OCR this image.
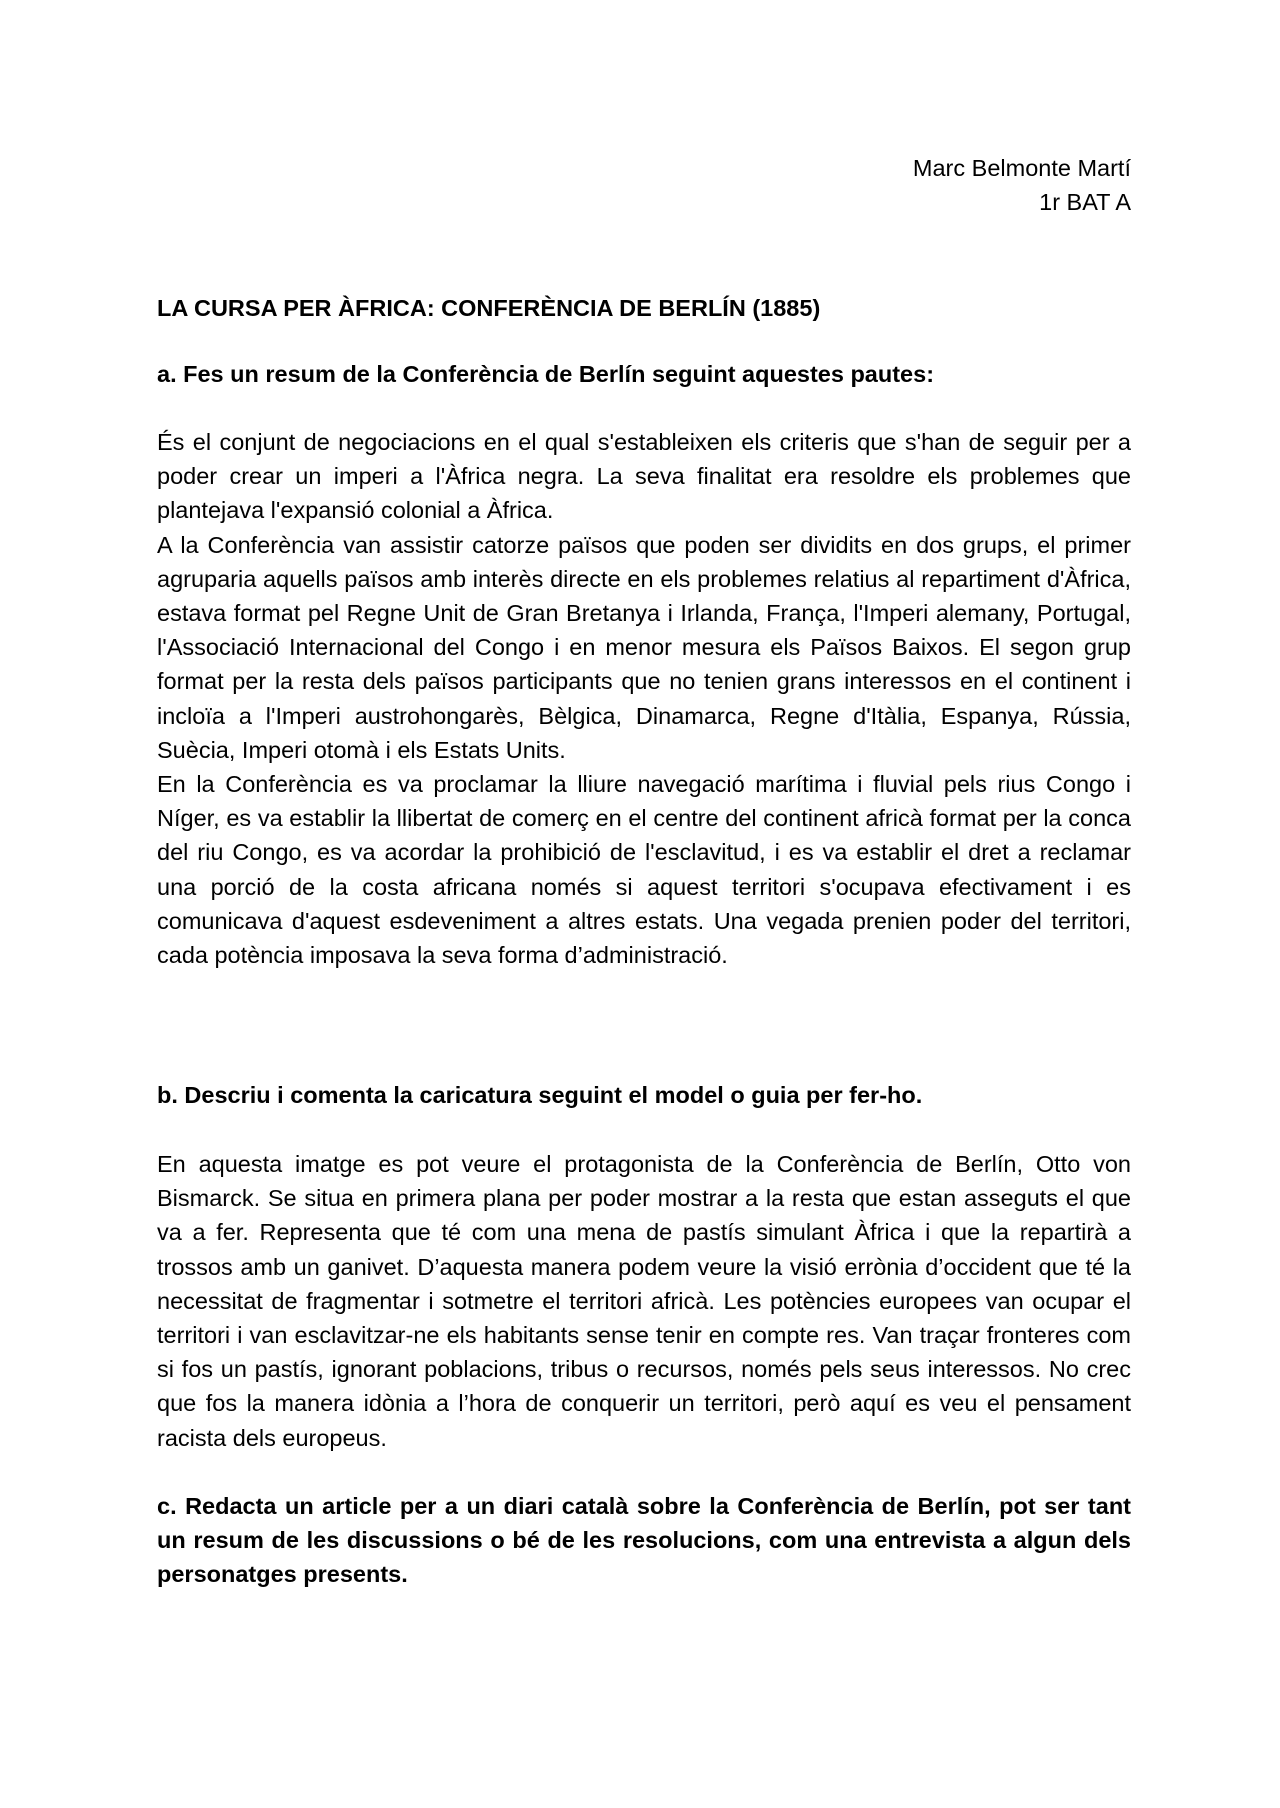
Marc Belmonte Martí
1r BAT A
LA CURSA PER ÀFRICA: CONFERÈNCIA DE BERLÍN (1885)
a. Fes un resum de la Conferència de Berlín seguint aquestes pautes:

És el conjunt de negociacions en el qual s'estableixen els criteris que s'han de seguir per a poder crear un imperi a l'Àfrica negra. La seva finalitat era resoldre els problemes que plantejava l'expansió colonial a Àfrica.

A la Conferència van assistir catorze països que poden ser dividits en dos grups, el primer agruparia aquells països amb interès directe en els problemes relatius al repartiment d'Àfrica, estava format pel Regne Unit de Gran Bretanya i Irlanda, França, l'Imperi alemany, Portugal, l'Associació Internacional del Congo i en menor mesura els Països Baixos. El segon grup format per la resta dels països participants que no tenien grans interessos en el continent i incloïa a l'Imperi austrohongarès, Bèlgica, Dinamarca, Regne d'Itàlia, Espanya, Rússia, Suècia, Imperi otomà i els Estats Units.

En la Conferència es va proclamar la lliure navegació marítima i fluvial pels rius Congo i Níger, es va establir la llibertat de comerç en el centre del continent africà format per la conca del riu Congo, es va acordar la prohibició de l'esclavitud, i es va establir el dret a reclamar una porció de la costa africana només si aquest territori s'ocupava efectivament i es comunicava d'aquest esdeveniment a altres estats. Una vegada prenien poder del territori, cada potència imposava la seva forma d’administració.

b. Descriu i comenta la caricatura seguint el model o guia per fer-ho.

En aquesta imatge es pot veure el protagonista de la Conferència de Berlín, Otto von Bismarck. Se situa en primera plana per poder mostrar a la resta que estan asseguts el que va a fer. Representa que té com una mena de pastís simulant Àfrica i que la repartirà a trossos amb un ganivet. D’aquesta manera podem veure la visió errònia d’occident que té la necessitat de fragmentar i sotmetre el territori africà. Les potències europees van ocupar el territori i van esclavitzar-ne els habitants sense tenir en compte res. Van traçar fronteres com si fos un pastís, ignorant poblacions, tribus o recursos, només pels seus interessos. No crec que fos la manera idònia a l’hora de conquerir un territori, però aquí es veu el pensament racista dels europeus.

c. Redacta un article per a un diari català sobre la Conferència de Berlín, pot ser tant un resum de les discussions o bé de les resolucions, com una entrevista a algun dels personatges presents.
